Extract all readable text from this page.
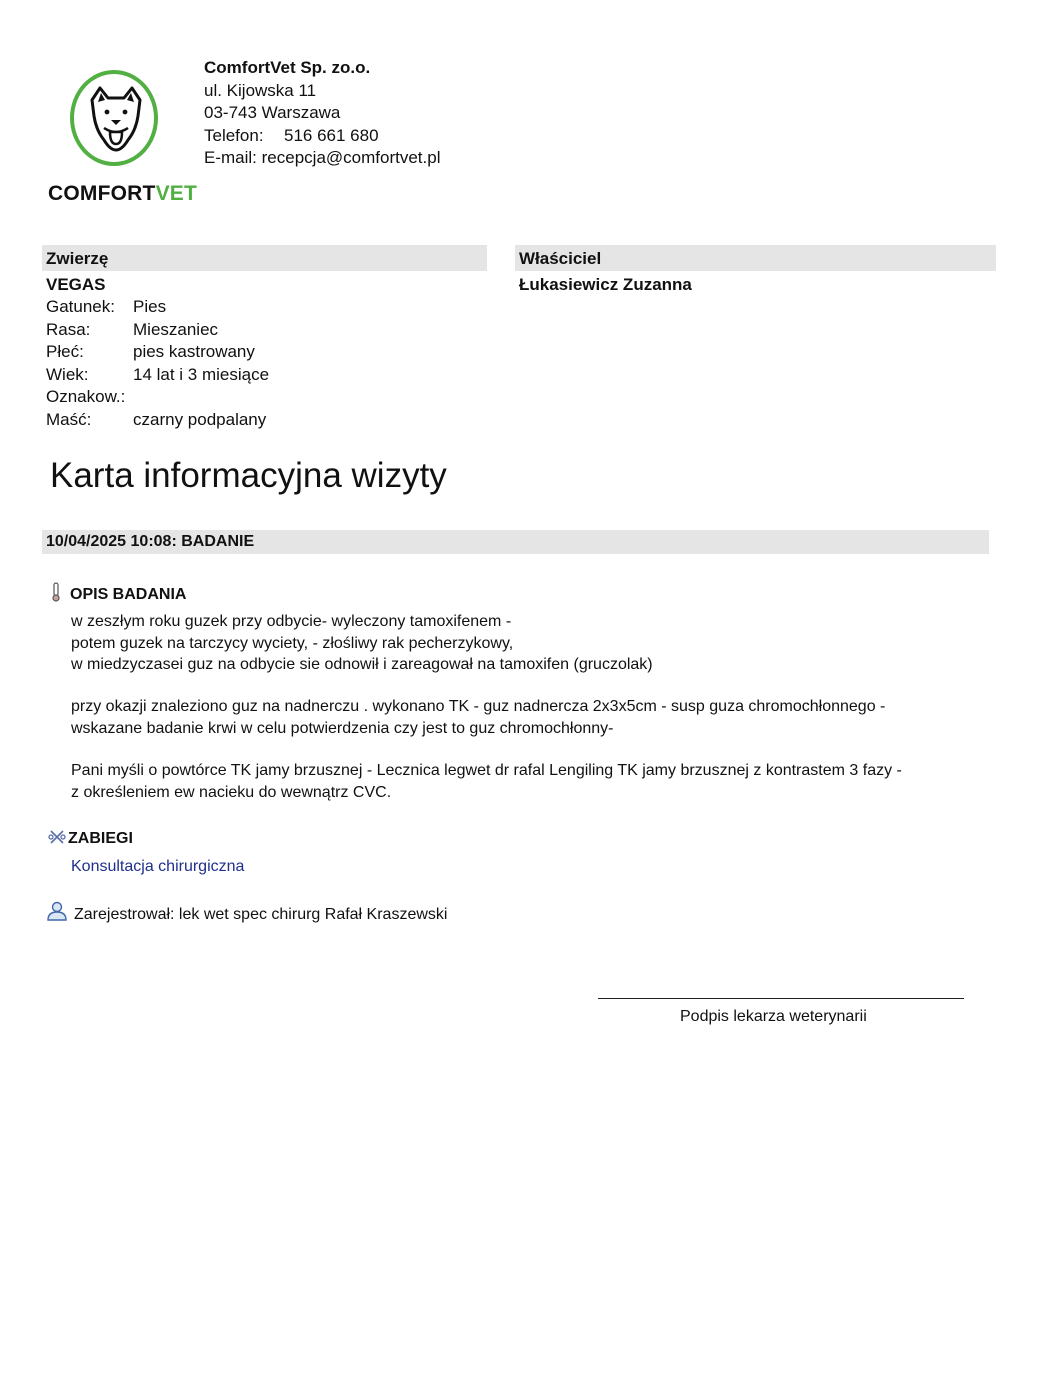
COMFORTVET
ComfortVet Sp. zo.o.
ul. Kijowska 11
03-743 Warszawa
Telefon: 516 661 680
E-mail: recepcja@comfortvet.pl
Zwierzę
VEGAS
Właściciel
Łukasiewicz Zuzanna
Gatunek:	Pies
Rasa:	Mieszaniec
Płeć:	pies kastrowany
Wiek:	14 lat i 3 miesiące
Oznakow.:
Maść:	czarny podpalany
Karta informacyjna wizyty
10/04/2025 10:08: BADANIE
OPIS BADANIA
w zeszłym roku guzek przy odbycie- wyleczony tamoxifenem -
potem guzek na tarczycy wyciety, - złośliwy rak pecherzykowy,
w miedzyczasei guz na odbycie sie odnowił i zareagował na tamoxifen (gruczolak)
przy okazji znaleziono guz na nadnerczu . wykonano TK - guz nadnercza 2x3x5cm - susp guza chromochłonnego -
wskazane badanie krwi w celu potwierdzenia czy jest to guz chromochłonny-
Pani myśli o powtórce TK jamy brzusznej - Lecznica legwet dr rafal Lengiling TK jamy brzusznej z kontrastem 3 fazy -
z określeniem ew nacieku do wewnątrz CVC.
ZABIEGI
Konsultacja chirurgiczna
Zarejestrował: lek wet spec chirurg Rafał Kraszewski
Podpis lekarza weterynarii
